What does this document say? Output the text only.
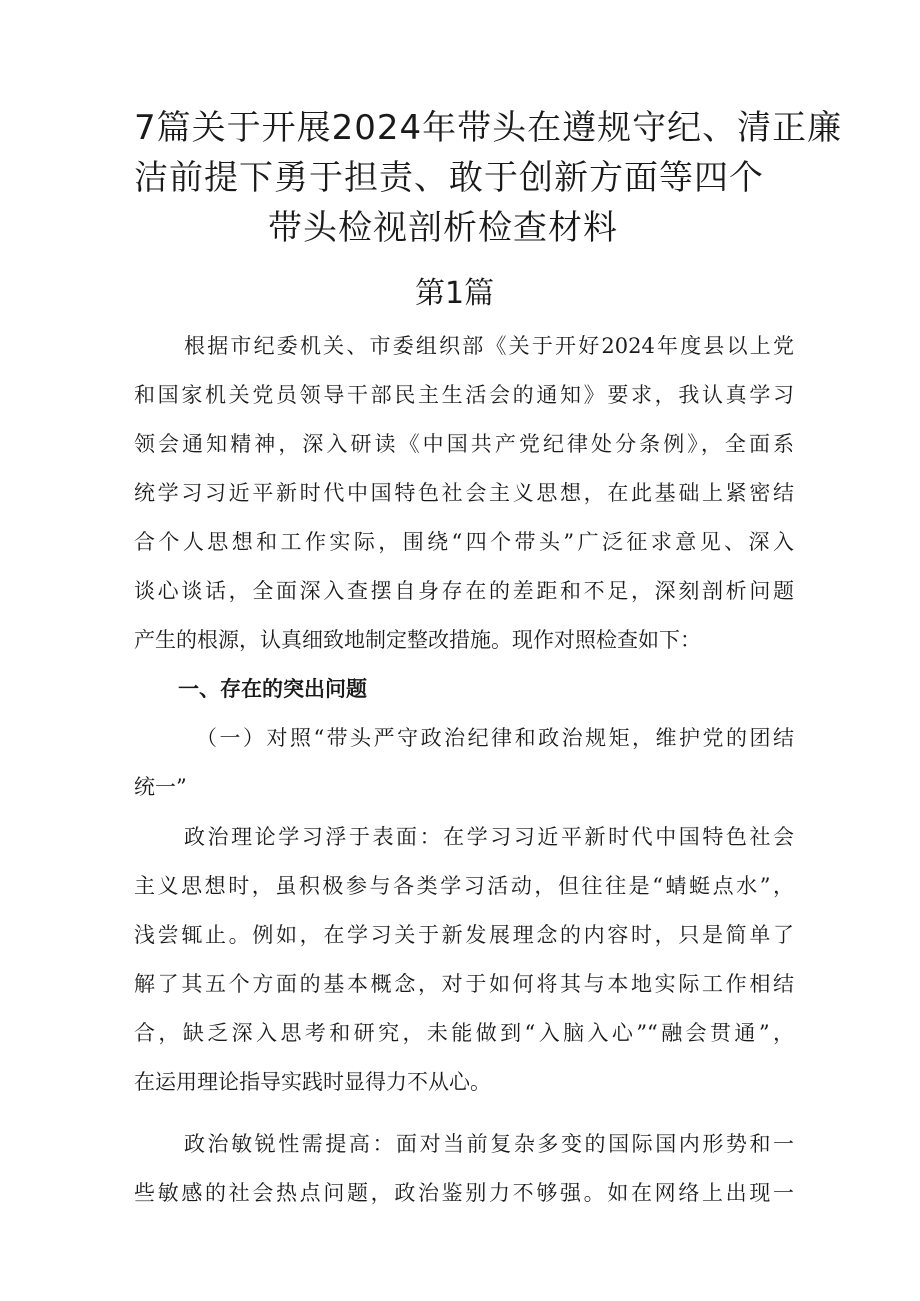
7篇关于开展2024年带头在遵规守纪、清正廉
洁前提下勇于担责、敢于创新方面等四个
带头检视剖析检查材料
第1篇
根据市纪委机关、市委组织部《关于开好2024年度县以上党
和国家机关党员领导干部民主生活会的通知》要求，我认真学习
领会通知精神，深入研读《中国共产党纪律处分条例》，全面系
统学习习近平新时代中国特色社会主义思想，在此基础上紧密结
合个人思想和工作实际，围绕“四个带头”广泛征求意见、深入
谈心谈话，全面深入查摆自身存在的差距和不足，深刻剖析问题
产生的根源，认真细致地制定整改措施。现作对照检查如下：
一、存在的突出问题
（一）对照“带头严守政治纪律和政治规矩，维护党的团结
统一”
政治理论学习浮于表面：在学习习近平新时代中国特色社会
主义思想时，虽积极参与各类学习活动，但往往是“蜻蜓点水”，
浅尝辄止。例如，在学习关于新发展理念的内容时，只是简单了
解了其五个方面的基本概念，对于如何将其与本地实际工作相结
合，缺乏深入思考和研究，未能做到“入脑入心”“融会贯通”，
在运用理论指导实践时显得力不从心。
政治敏锐性需提高：面对当前复杂多变的国际国内形势和一
些敏感的社会热点问题，政治鉴别力不够强。如在网络上出现一
